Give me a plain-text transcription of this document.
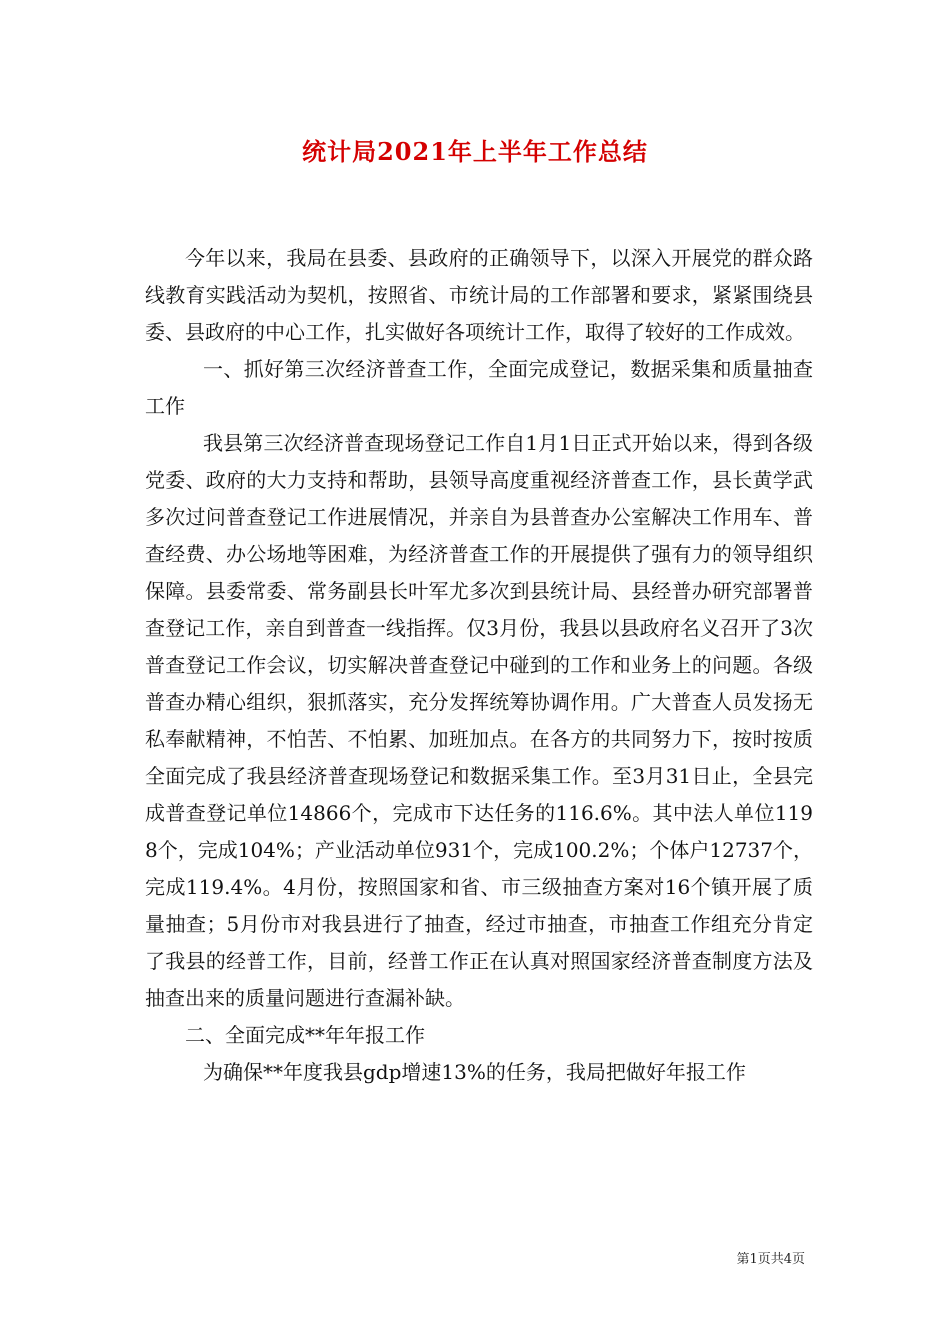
统计局2021年上半年工作总结

今年以来，我局在县委、县政府的正确领导下，以深入开展党的群众路线教育实践活动为契机，按照省、市统计局的工作部署和要求，紧紧围绕县委、县政府的中心工作，扎实做好各项统计工作，取得了较好的工作成效。

一、抓好第三次经济普查工作，全面完成登记，数据采集和质量抽查工作

我县第三次经济普查现场登记工作自1月1日正式开始以来，得到各级党委、政府的大力支持和帮助，县领导高度重视经济普查工作，县长黄学武多次过问普查登记工作进展情况，并亲自为县普查办公室解决工作用车、普查经费、办公场地等困难，为经济普查工作的开展提供了强有力的领导组织保障。县委常委、常务副县长叶军尤多次到县统计局、县经普办研究部署普查登记工作，亲自到普查一线指挥。仅3月份，我县以县政府名义召开了3次普查登记工作会议，切实解决普查登记中碰到的工作和业务上的问题。各级普查办精心组织，狠抓落实，充分发挥统筹协调作用。广大普查人员发扬无私奉献精神，不怕苦、不怕累、加班加点。在各方的共同努力下，按时按质全面完成了我县经济普查现场登记和数据采集工作。至3月31日止，全县完成普查登记单位14866个，完成市下达任务的116.6%。其中法人单位1198个，完成104%；产业活动单位931个，完成100.2%；个体户12737个，完成119.4%。4月份，按照国家和省、市三级抽查方案对16个镇开展了质量抽查；5月份市对我县进行了抽查，经过市抽查，市抽查工作组充分肯定了我县的经普工作，目前，经普工作正在认真对照国家经济普查制度方法及抽查出来的质量问题进行查漏补缺。

二、全面完成**年年报工作

为确保**年度我县gdp增速13%的任务，我局把做好年报工作

第1页共4页
